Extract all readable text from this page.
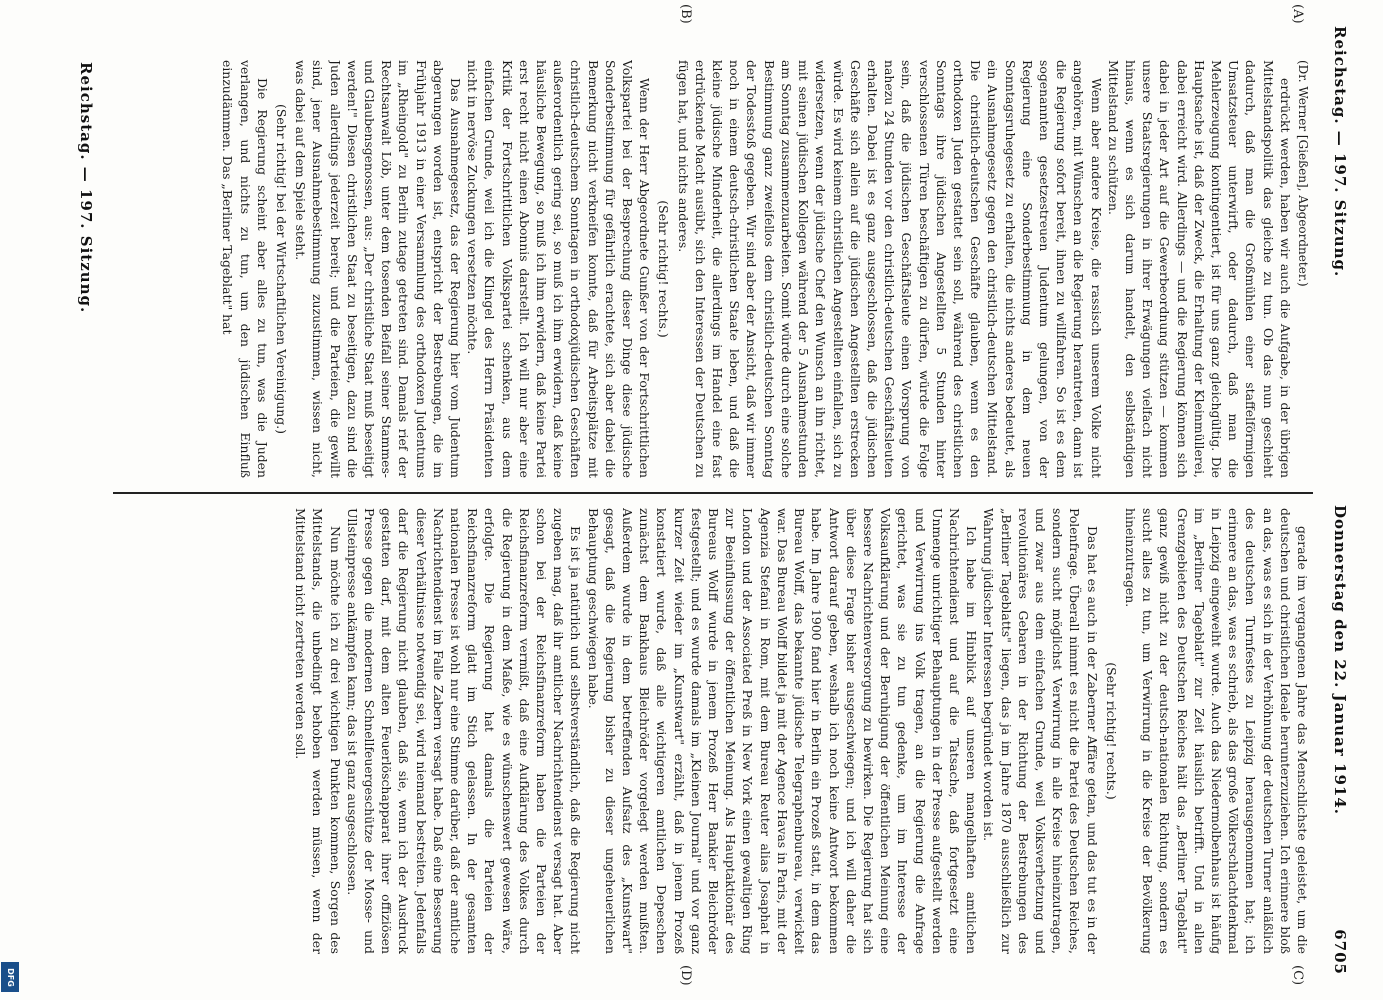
Reichstag. — 197. Sitzung.	Reichstag. — 197. Sitzung.
Donnerstag den 22. Januar 1914.
6705
(A)
(B)
(C)
(D)

(Dr. Werner [Gießen], Abgeordneter.)

erdrückt werden, haben wir auch die Aufgabe, in der übrigen Mittelstandspolitik das gleiche zu tun. Ob das nun geschieht dadurch, daß man die Großmühlen einer staffelförmigen Umsatzsteuer unterwirft, oder dadurch, daß man die Mehlerzeugung kontingentiert, ist für uns ganz gleichgültig. Die Hauptsache ist, daß der Zweck, die Erhaltung der Kleinmüllerei, dabei erreicht wird. Allerdings — und die Regierung können sich dabei in jeder Art auf die Gewerbeordnung stützen — kommen unsere Staatsregierungen in ihrer Erwägungen vielfach nicht hinaus, wenn es sich darum handelt, den selbständigen Mittelstand zu schützen.

Wenn aber andere Kreise, die rassisch unserem Volke nicht angehören, mit Wünschen an die Regierung herantreten, dann ist die Regierung sofort bereit, ihnen zu willfahren. So ist es dem sogenannten gesetzestreuen Judentum gelungen, von der Regierung eine Sonderbestimmung in dem neuen Sonntagsruhegesetz zu erhalten, die nichts anderes bedeutet, als ein Ausnahmegesetz gegen den christlich-deutschen Mittelstand. Die christlich-deutschen Geschäfte glauben, wenn es den orthodoxen Juden gestattet sein soll, während des christlichen Sonntags ihre jüdischen Angestellten 5 Stunden hinter verschlossenen Türen beschäftigen zu dürfen, würde die Folge sein, daß die jüdischen Geschäftsleute einen Vorsprung von nahezu 24 Stunden vor den christlich-deutschen Geschäftsleuten erhalten. Dabei ist es ganz ausgeschlossen, daß die jüdischen Geschäfte sich allein auf die jüdischen Angestellten erstrecken würde. Es wird keinem christlichen Angestellten einfallen, sich zu widersetzen, wenn der jüdische Chef den Wunsch an ihn richtet, mit seinen jüdischen Kollegen während der 5 Ausnahmestunden am Sonntag zusammenzuarbeiten. Somit würde durch eine solche Bestimmung ganz zweifellos dem christlich-deutschen Sonntag der Todesstoß gegeben. Wir sind aber der Ansicht, daß wir immer noch in einem deutsch-christlichen Staate leben, und daß die kleine jüdische Minderheit, die allerdings im Handel eine fast erdrückende Macht ausübt, sich den Interessen der Deutschen zu fügen hat, und nichts anderes.

(Sehr richtig! rechts.)

Wenn der Herr Abgeordnete Gunßer von der Fortschrittlichen Volkspartei bei der Besprechung dieser Dinge diese jüdische Sonderbestimmung für gefährlich erachtete, sich aber dabei die Bemerkung nicht verkneifen konnte, daß für Arbeitsplätze mit christlich-deutschem Sonntagen in orthodoxjüdischen Geschäften außerordentlich gering sei, so muß ich ihm erwidern, daß keine häusliche Bewegung, so muß ich ihm erwidern, daß keine Partei erst recht nicht einen Abonnis darstellt. Ich will nur aber eine Kritik der Fortschrittlichen Volkspartei schenken, aus dem einfachen Grunde, weil ich die Klingel des Herrn Präsidenten nicht in nervöse Zuckungen versetzen möchte.

Das Ausnahmegesetz, das der Regierung hier vom Judentum abgerungen worden ist, entspricht der Bestrebungen, die im Frühjahr 1913 in einer Versammlung des orthodoxen Judentums im „Rheingold" zu Berlin zutage getreten sind. Damals rief der Rechtsanwalt Löb, unter dem tosenden Beifall seiner Stammes- und Glaubensgenossen, aus: „Der christliche Staat muß beseitigt werden!" Diesen christlichen Staat zu beseitigen, dazu sind die Juden allerdings jederzeit bereit; und die Parteien, die gewillt sind, jener Ausnahmebestimmung zuzustimmen, wissen nicht, was dabei auf dem Spiele steht.

(Sehr richtig! bei der Wirtschaftlichen Vereinigung.)

Die Regierung scheint aber alles zu tun, was die Juden verlangen, und nichts zu tun, um den jüdischen Einfluß einzudämmen. Das „Berliner Tageblatt" hat

gerade im vergangenen Jahre das Menschlichste geleistet, um die deutschen und christlichen Ideale herunterzuziehen. Ich erinnere bloß an das, was es sich in der Verhöhnung der deutschen Turner anläßlich des deutschen Turnfestes zu Leipzig herausgenommen hat; ich erinnere an das, was es schrieb, als das große Völkerschlachtdenkmal in Leipzig eingeweiht wurde. Auch das Niedermolbenhaus ist häufig im „Berliner Tageblatt" zur Zeit häuslich betrifft. Und in allen Grenzgebieten des Deutschen Reiches hält das „Berliner Tageblatt" ganz gewiß nicht zu der deutsch-nationalen Richtung, sondern es sucht alles zu tun, um Verwirrung in die Kreise der Bevölkerung hineinzutragen.

(Sehr richtig! rechts.)

Das hat es auch in der Zaberner Affäre getan, und das tut es in der Polenfrage. Überall nimmt es nicht die Partei des Deutschen Reiches, sondern sucht möglichst Verwirrung in alle Kreise hineinzutragen, und zwar aus dem einfachen Grunde, weil Volksverhetzung und revolutionäres Gebaren in der Richtung der Bestrebungen des „Berliner Tageblatts" liegen, das ja im Jahre 1870 ausschließlich zur Wahrung jüdischer Interessen begründet worden ist.

Ich habe im Hinblick auf unseren mangelhaften amtlichen Nachrichtendienst und auf die Tatsache, daß fortgesetzt eine Unmenge unrichtiger Behauptungen in der Presse aufgestellt werden und Verwirrung ins Volk tragen, an die Regierung die Anfrage gerichtet, was sie zu tun gedenke, um im Interesse der Volksaufklärung und der Beruhigung der öffentlichen Meinung eine bessere Nachrichtenversorgung zu bewirken. Die Regierung hat sich über diese Frage bisher ausgeschwiegen; und ich will daher die Antwort darauf geben, weshalb ich noch keine Antwort bekommen habe. Im Jahre 1900 fand hier in Berlin ein Prozeß statt, in dem das Bureau Wolff, das bekannte jüdische Telegraphenbureau, verwickelt war. Das Bureau Wolff bildet ja mit der Agence Havas in Paris, mit der Agenzia Stefani in Rom, mit dem Bureau Reuter alias Josaphat in London und der Associated Preß in New York einen gewaltigen Ring zur Beeinflussung der öffentlichen Meinung. Als Hauptaktionär des Bureaus Wolff wurde in jenem Prozeß Herr Bankier Bleichröder festgestellt; und es wurde damals im „Kleinen Journal" und vor ganz kurzer Zeit wieder im „Kunstwart" erzählt, daß in jenem Prozeß konstatiert wurde, daß alle wichtigeren amtlichen Depeschen zunächst dem Bankhaus Bleichröder vorgelegt werden mußten. Außerdem wurde in dem betreffenden Aufsatz des „Kunstwart" gesagt, daß die Regierung bisher zu dieser ungeheuerlichen Behauptung geschwiegen habe.

Es ist ja natürlich und selbstverständlich, daß die Regierung nicht zugeben mag, daß ihr amtlicher Nachrichtendienst versagt hat. Aber schon bei der Reichsfinanzreform haben die Parteien der Reichsfinanzreform vermißt, daß eine Aufklärung des Volkes durch die Regierung in dem Maße, wie es wünschenswert gewesen wäre, erfolgte. Die Regierung hat damals die Parteien der Reichsfinanzreform glatt im Stich gelassen. In der gesamten nationalen Presse ist wohl nur eine Stimme darüber, daß der amtliche Nachrichtendienst im Falle Zabern versagt habe. Daß eine Besserung dieser Verhältnisse notwendig sei, wird niemand bestreiten. Jedenfalls darf die Regierung nicht glauben, daß sie, wenn ich der Ausdruck gestatten darf, mit dem alten Feuerlöschapparat ihrer offiziösen Presse gegen die modernen Schnellfeuergeschütze der Mosse- und Ullsteinpresse ankämpfen kann; das ist ganz ausgeschlossen.

Nun möchte ich zu drei wichtigen Punkten kommen, Sorgen des Mittelstands, die unbedingt behoben werden müssen, wenn der Mittelstand nicht zertreten werden soll.

DFG
